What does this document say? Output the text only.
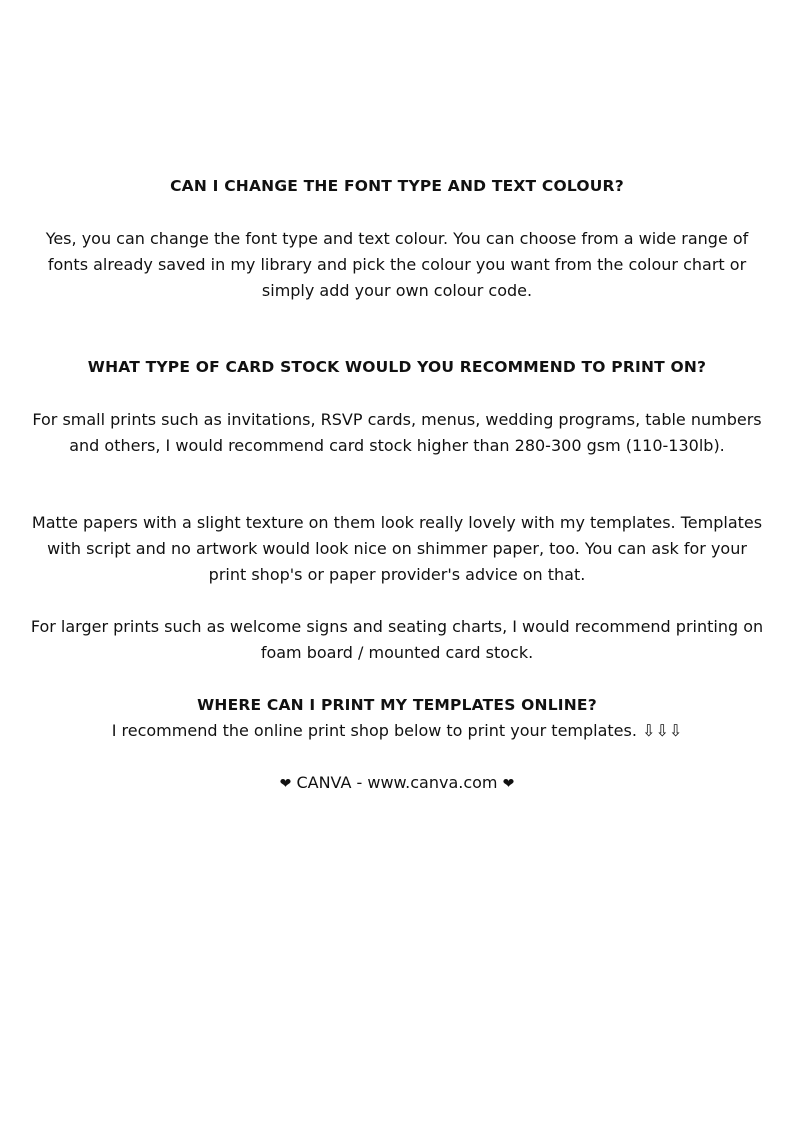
CAN I CHANGE THE FONT TYPE AND TEXT COLOUR?

Yes, you can change the font type and text colour. You can choose from a wide range of fonts already saved in my library and pick the colour you want from the colour chart or simply add your own colour code.

WHAT TYPE OF CARD STOCK WOULD YOU RECOMMEND TO PRINT ON?

For small prints such as invitations, RSVP cards, menus, wedding programs, table numbers and others, I would recommend card stock higher than 280-300 gsm (110-130lb).

Matte papers with a slight texture on them look really lovely with my templates. Templates with script and no artwork would look nice on shimmer paper, too. You can ask for your print shop's or paper provider's advice on that.

For larger prints such as welcome signs and seating charts, I would recommend printing on foam board / mounted card stock.

WHERE CAN I PRINT MY TEMPLATES ONLINE?

I recommend the online print shop below to print your templates. ⇩⇩⇩

❤ CANVA - www.canva.com ❤
